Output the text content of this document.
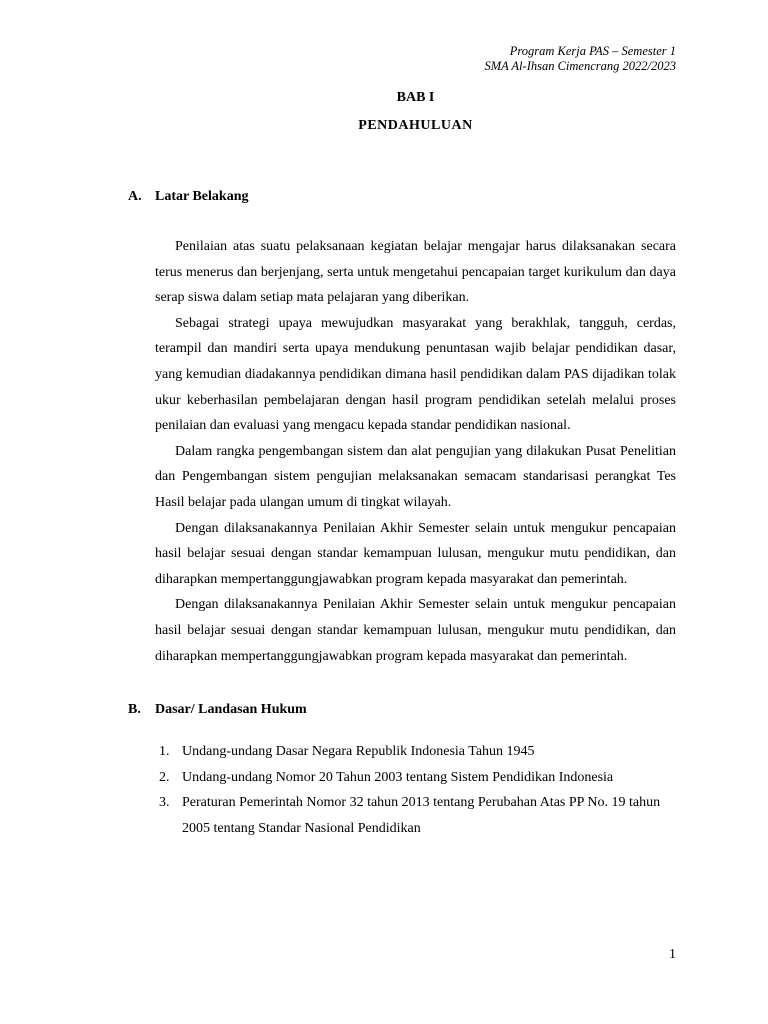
Program Kerja PAS – Semester 1
SMA Al-Ihsan Cimencrang 2022/2023
BAB I
PENDAHULUAN
A. Latar Belakang

Penilaian atas suatu pelaksanaan kegiatan belajar mengajar harus dilaksanakan secara terus menerus dan berjenjang, serta untuk mengetahui pencapaian target kurikulum dan daya serap siswa dalam setiap mata pelajaran yang diberikan.

Sebagai strategi upaya mewujudkan masyarakat yang berakhlak, tangguh, cerdas, terampil dan mandiri serta upaya mendukung penuntasan wajib belajar pendidikan dasar, yang kemudian diadakannya pendidikan dimana hasil pendidikan dalam PAS dijadikan tolak ukur keberhasilan pembelajaran dengan hasil program pendidikan setelah melalui proses penilaian dan evaluasi yang mengacu kepada standar pendidikan nasional.

Dalam rangka pengembangan sistem dan alat pengujian yang dilakukan Pusat Penelitian dan Pengembangan sistem pengujian melaksanakan semacam standarisasi perangkat Tes Hasil belajar pada ulangan umum di tingkat wilayah.

Dengan dilaksanakannya Penilaian Akhir Semester selain untuk mengukur pencapaian hasil belajar sesuai dengan standar kemampuan lulusan, mengukur mutu pendidikan, dan diharapkan mempertanggungjawabkan program kepada masyarakat dan pemerintah.

Dengan dilaksanakannya Penilaian Akhir Semester selain untuk mengukur pencapaian hasil belajar sesuai dengan standar kemampuan lulusan, mengukur mutu pendidikan, dan diharapkan mempertanggungjawabkan program kepada masyarakat dan pemerintah.

B. Dasar/ Landasan Hukum
1. Undang-undang Dasar Negara Republik Indonesia Tahun 1945
2. Undang-undang Nomor 20 Tahun 2003 tentang Sistem Pendidikan Indonesia
3. Peraturan Pemerintah Nomor 32 tahun 2013 tentang Perubahan Atas PP No. 19 tahun 2005 tentang Standar Nasional Pendidikan
1
